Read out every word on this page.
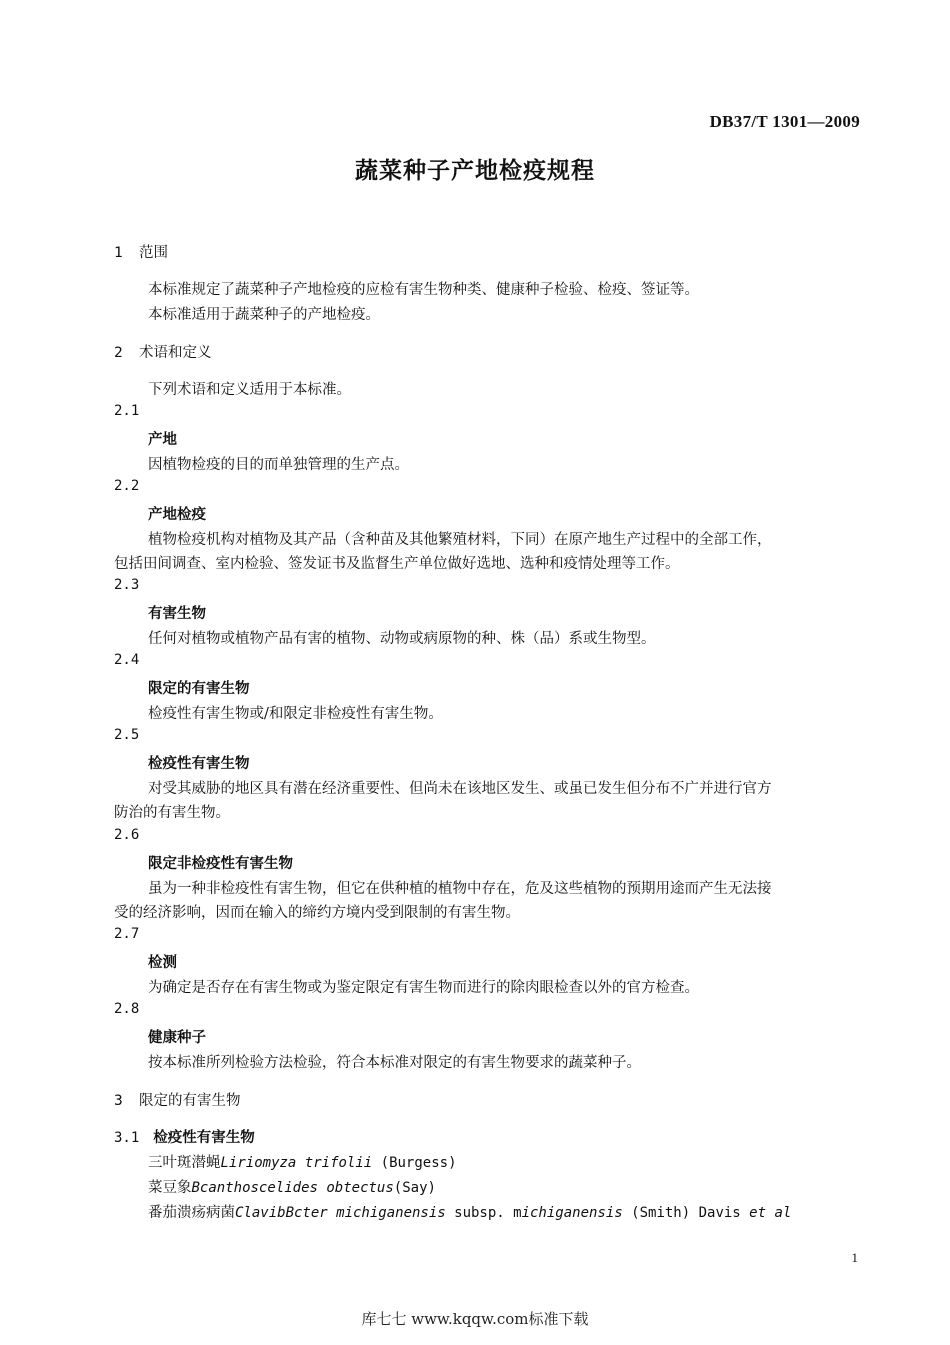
DB37/T 1301—2009
蔬菜种子产地检疫规程
1 范围
本标准规定了蔬菜种子产地检疫的应检有害生物种类、健康种子检验、检疫、签证等。
本标准适用于蔬菜种子的产地检疫。
2 术语和定义
下列术语和定义适用于本标准。
2.1
产地
因植物检疫的目的而单独管理的生产点。
2.2
产地检疫
植物检疫机构对植物及其产品（含种苗及其他繁殖材料，下同）在原产地生产过程中的全部工作，
包括田间调查、室内检验、签发证书及监督生产单位做好选地、选种和疫情处理等工作。
2.3
有害生物
任何对植物或植物产品有害的植物、动物或病原物的种、株（品）系或生物型。
2.4
限定的有害生物
检疫性有害生物或/和限定非检疫性有害生物。
2.5
检疫性有害生物
对受其威胁的地区具有潜在经济重要性、但尚未在该地区发生、或虽已发生但分布不广并进行官方
防治的有害生物。
2.6
限定非检疫性有害生物
虽为一种非检疫性有害生物，但它在供种植的植物中存在，危及这些植物的预期用途而产生无法接
受的经济影响，因而在输入的缔约方境内受到限制的有害生物。
2.7
检测
为确定是否存在有害生物或为鉴定限定有害生物而进行的除肉眼检查以外的官方检查。
2.8
健康种子
按本标准所列检验方法检验，符合本标准对限定的有害生物要求的蔬菜种子。
3 限定的有害生物
3.1 检疫性有害生物
三叶斑潜蝇Liriomyza trifolii (Burgess)
菜豆象Bcanthoscelides obtectus(Say)
番茄溃疡病菌ClavibBcter michiganensis subsp. michiganensis (Smith) Davis et al
1
库七七 www.kqqw.com标准下载
